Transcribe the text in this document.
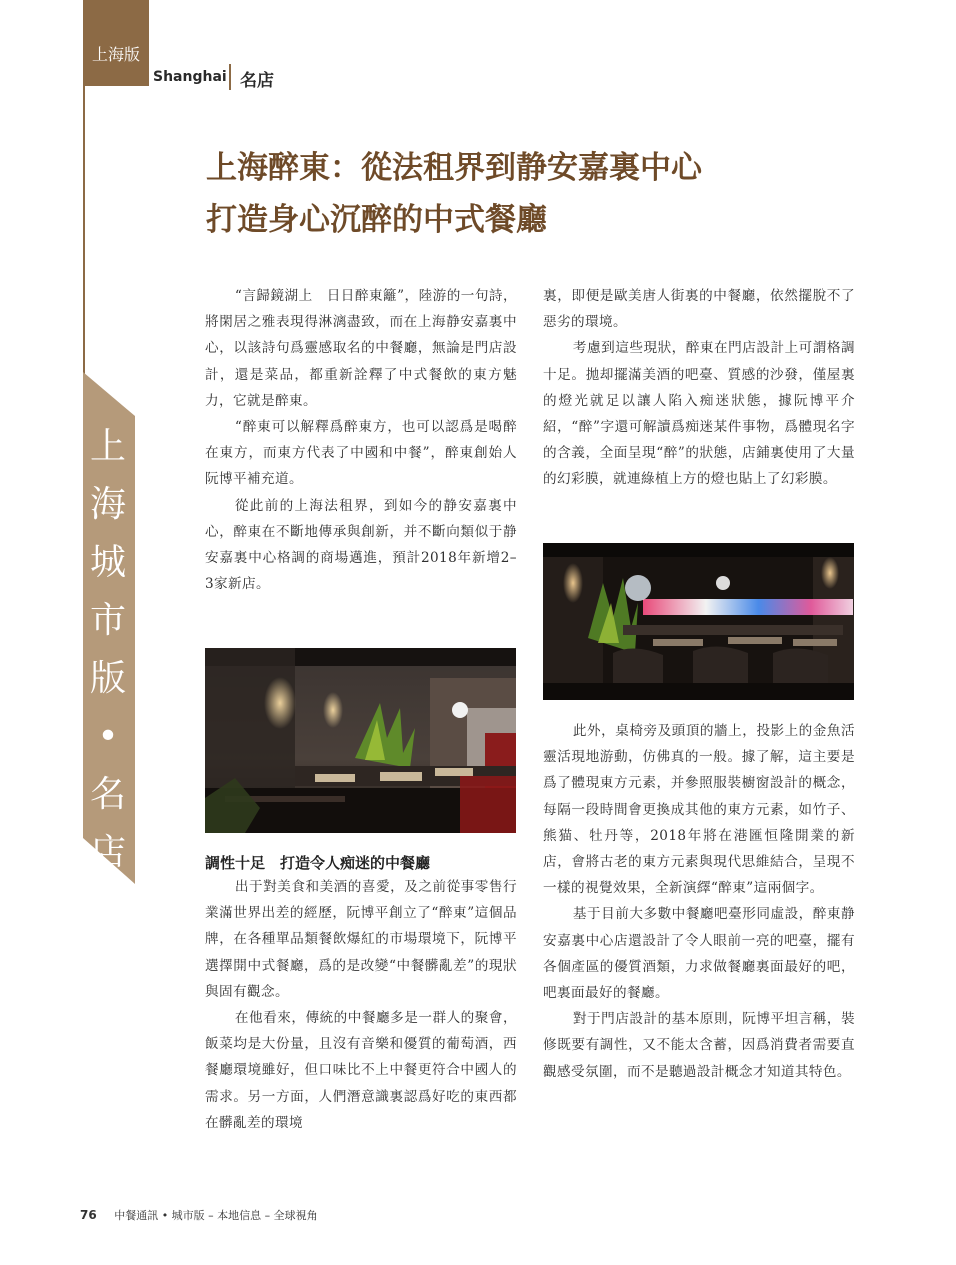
上海版
Shanghai 名店
上
海
城
市
版
•
名
店
上海醉東：從法租界到静安嘉裏中心
打造身心沉醉的中式餐廳

“言歸鏡湖上　日日醉東籬”，陸游的一句詩，將閑居之雅表現得淋漓盡致，而在上海静安嘉裏中心，以該詩句爲靈感取名的中餐廳，無論是門店設計，還是菜品，都重新詮釋了中式餐飲的東方魅力，它就是醉東。

“醉東可以解釋爲醉東方，也可以認爲是喝醉在東方，而東方代表了中國和中餐”，醉東創始人阮博平補充道。

從此前的上海法租界，到如今的静安嘉裏中心，醉東在不斷地傳承與創新，并不斷向類似于静安嘉裏中心格調的商場邁進，預計2018年新增2–3家新店。

調性十足　打造令人痴迷的中餐廳

出于對美食和美酒的喜愛，及之前從事零售行業滿世界出差的經歷，阮博平創立了“醉東”這個品牌，在各種單品類餐飲爆紅的市場環境下，阮博平選擇開中式餐廳，爲的是改變“中餐髒亂差”的現狀與固有觀念。

在他看來，傳統的中餐廳多是一群人的聚會，飯菜均是大份量，且沒有音樂和優質的葡萄酒，西餐廳環境雖好，但口味比不上中餐更符合中國人的需求。另一方面，人們潛意識裏認爲好吃的東西都在髒亂差的環境

裏，即便是歐美唐人街裏的中餐廳，依然擺脫不了惡劣的環境。

考慮到這些現狀，醉東在門店設計上可謂格調十足。拋却擺滿美酒的吧臺、質感的沙發，僅屋裏的燈光就足以讓人陷入痴迷狀態，據阮博平介紹，“醉”字還可解讀爲痴迷某件事物，爲體現名字的含義，全面呈現“醉”的狀態，店鋪裏使用了大量的幻彩膜，就連綠植上方的燈也貼上了幻彩膜。

此外，桌椅旁及頭頂的牆上，投影上的金魚活靈活現地游動，仿佛真的一般。據了解，這主要是爲了體現東方元素，并參照服裝櫥窗設計的概念，每隔一段時間會更換成其他的東方元素，如竹子、熊猫、牡丹等，2018年將在港匯恒隆開業的新店，會將古老的東方元素與現代思維結合，呈現不一樣的視覺效果，全新演繹“醉東”這兩個字。

基于目前大多數中餐廳吧臺形同虛設，醉東静安嘉裏中心店還設計了令人眼前一亮的吧臺，擺有各個產區的優質酒類，力求做餐廳裏面最好的吧，吧裏面最好的餐廳。

對于門店設計的基本原則，阮博平坦言稱，裝修既要有調性，又不能太含蓄，因爲消費者需要直觀感受氛圍，而不是聽過設計概念才知道其特色。

76 中餐通訊 • 城市版 – 本地信息 – 全球視角
